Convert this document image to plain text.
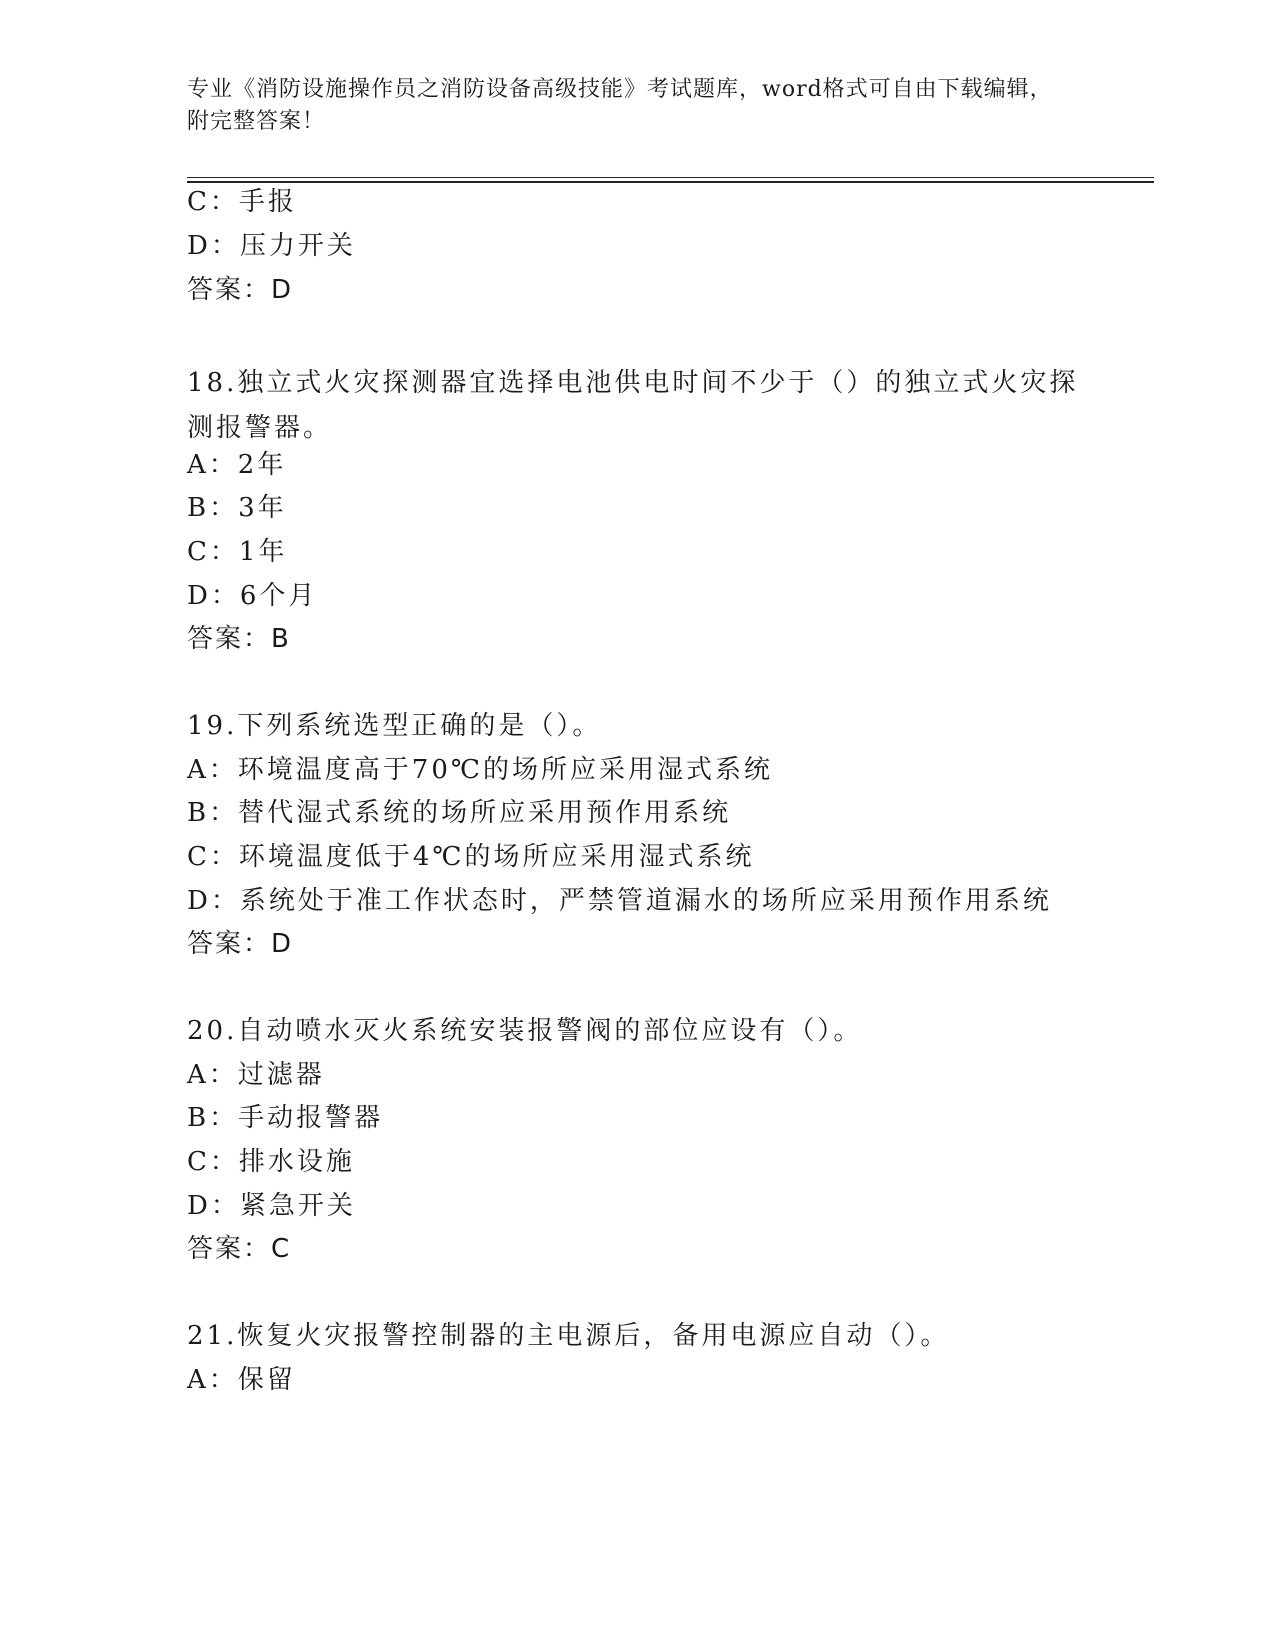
专业《消防设施操作员之消防设备高级技能》考试题库，word格式可自由下载编辑，附完整答案！

C：手报

D：压力开关

答案：D

18.独立式火灾探测器宜选择电池供电时间不少于（）的独立式火灾探测报警器。

A：2年

B：3年

C：1年

D：6个月

答案：B

19.下列系统选型正确的是（）。

A：环境温度高于70℃的场所应采用湿式系统

B：替代湿式系统的场所应采用预作用系统

C：环境温度低于4℃的场所应采用湿式系统

D：系统处于准工作状态时，严禁管道漏水的场所应采用预作用系统

答案：D

20.自动喷水灭火系统安装报警阀的部位应设有（）。

A：过滤器

B：手动报警器

C：排水设施

D：紧急开关

答案：C

21.恢复火灾报警控制器的主电源后，备用电源应自动（）。

A：保留
